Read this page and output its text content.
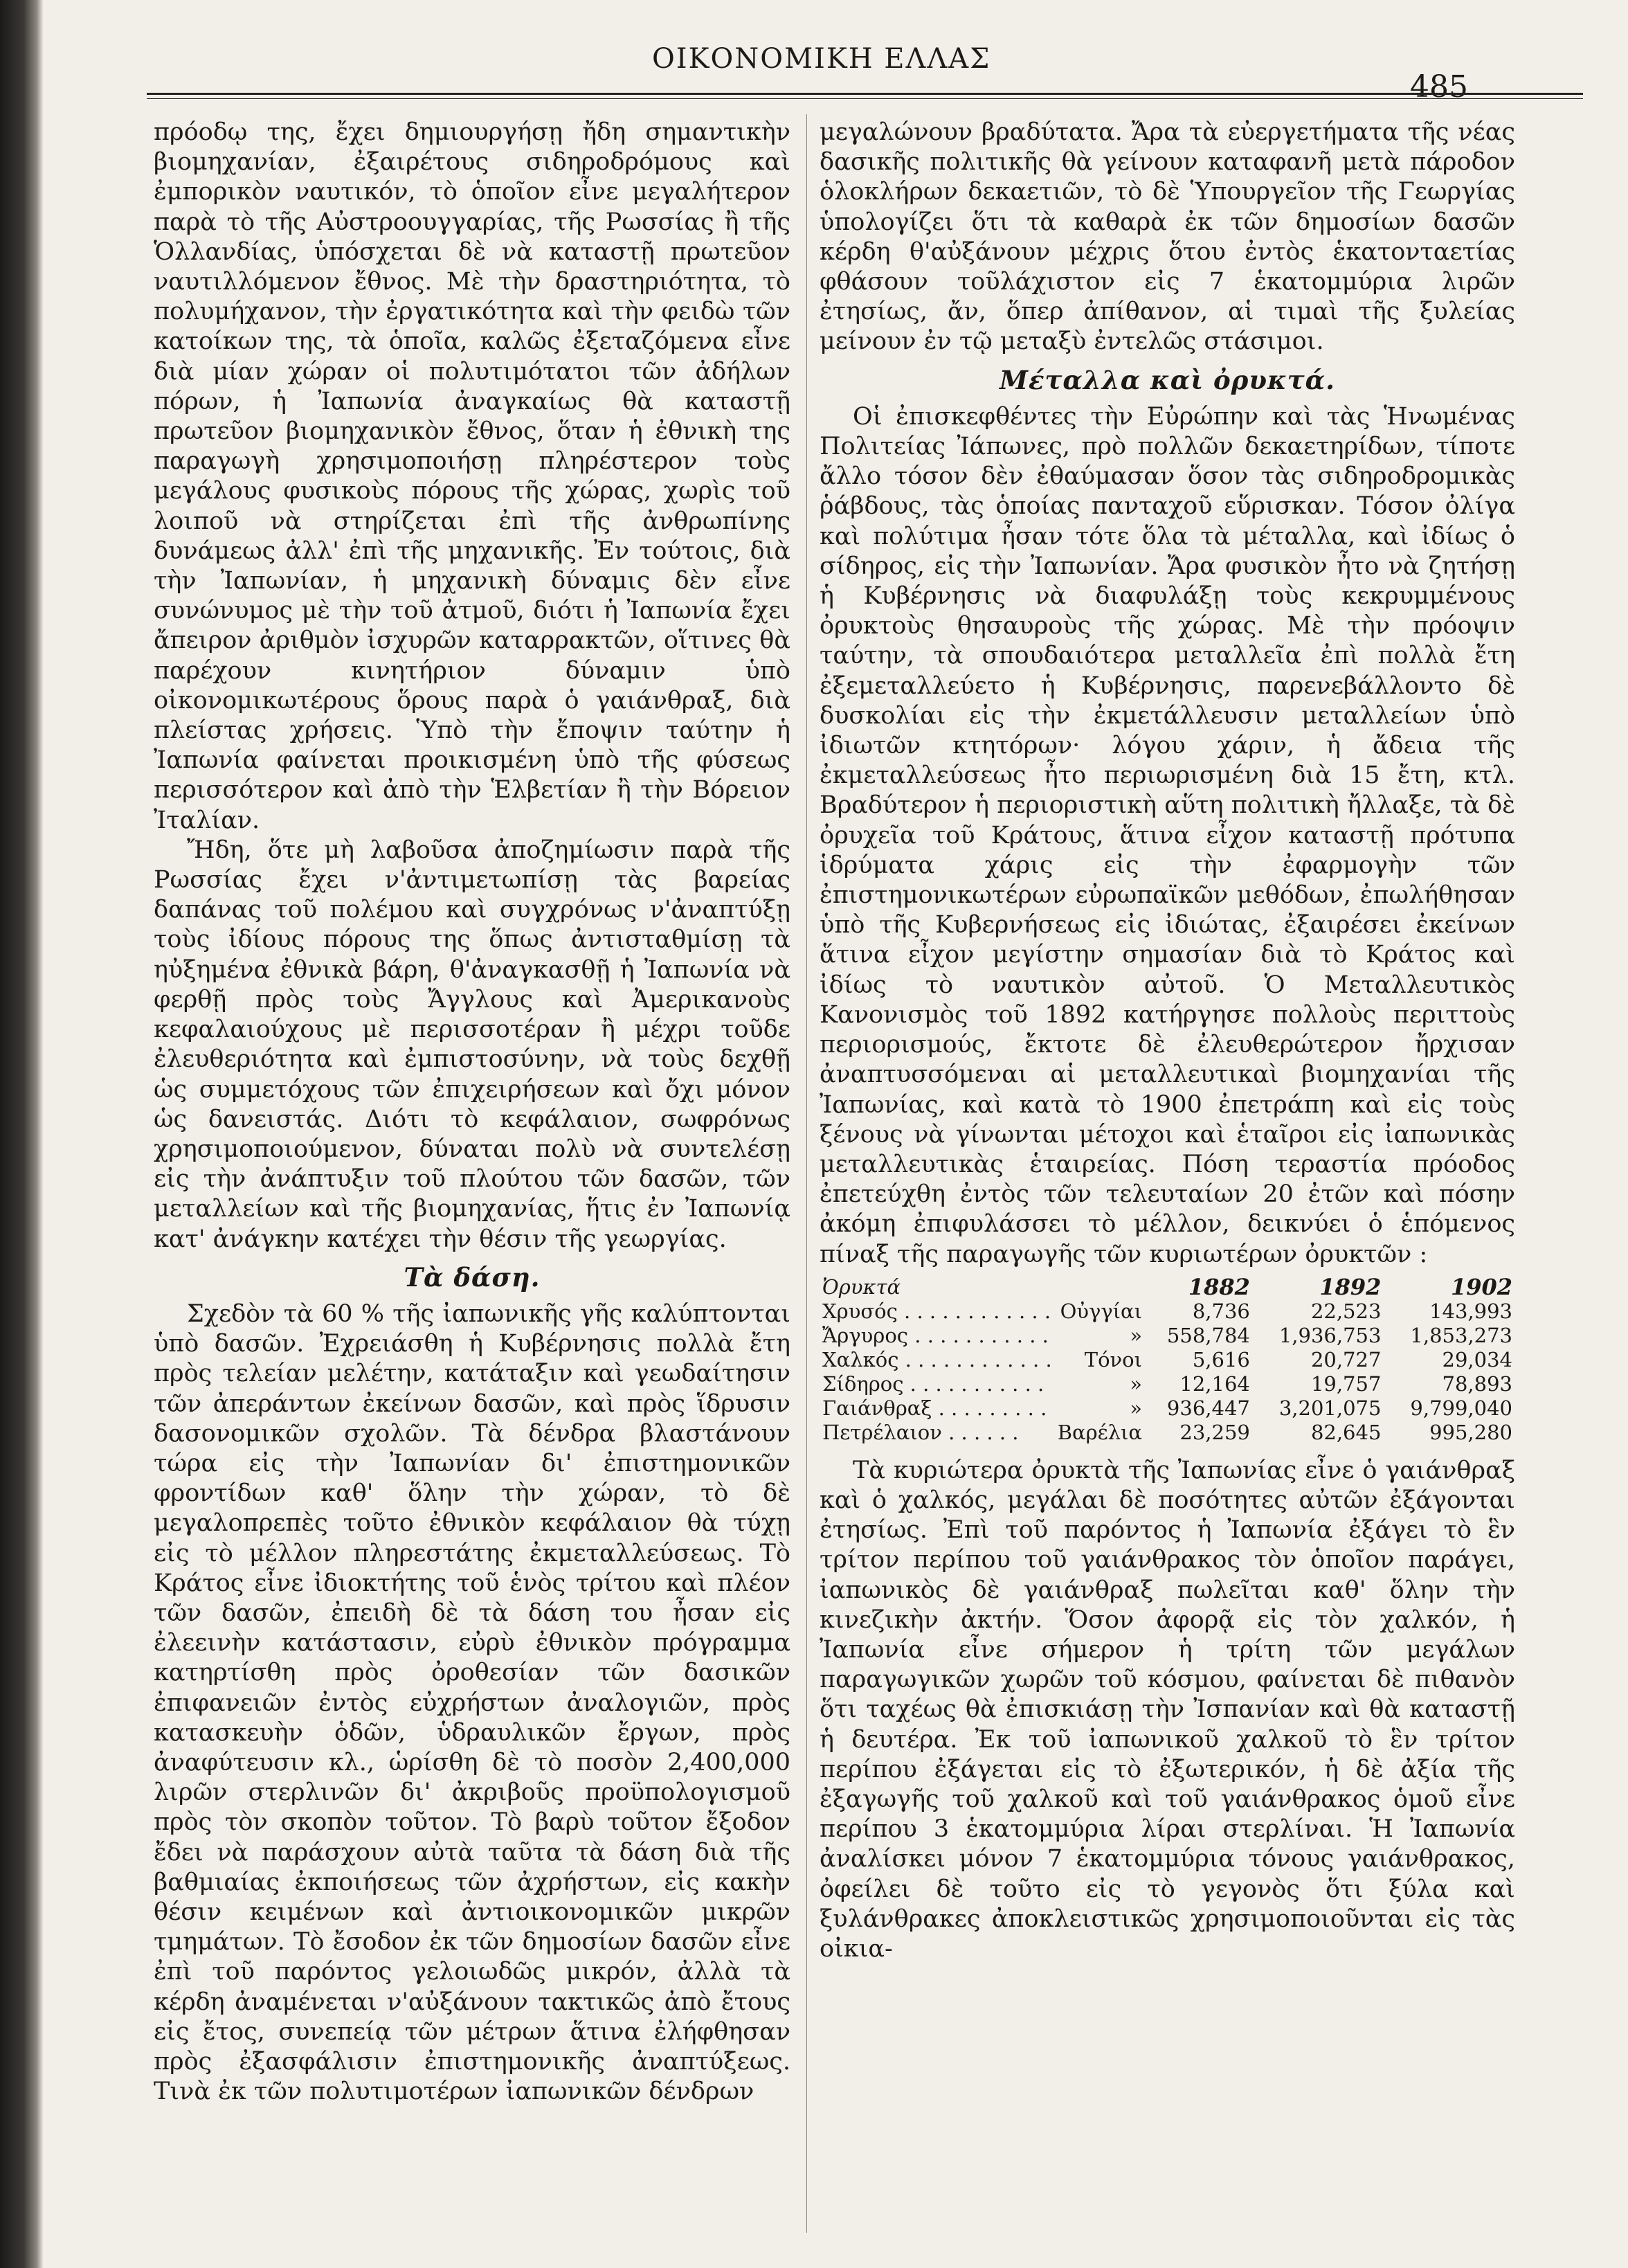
ΟΙΚΟΝΟΜΙΚΗ ΕΛΛΑΣ
485

πρόοδῳ της, ἔχει δημιουργήσῃ ἤδη σημαντικὴν βιομηχανίαν, ἐξαιρέτους σιδηροδρόμους καὶ ἐμπορικὸν ναυτικόν, τὸ ὁποῖον εἶνε μεγαλήτερον παρὰ τὸ τῆς Αὐστροουγγαρίας, τῆς Ρωσσίας ἢ τῆς Ὁλλανδίας, ὑπόσχεται δὲ νὰ καταστῇ πρωτεῦον ναυτιλλόμενον ἔθνος. Μὲ τὴν δραστηριότητα, τὸ πολυμήχανον, τὴν ἐργατικότητα καὶ τὴν φειδὼ τῶν κατοίκων της, τὰ ὁποῖα, καλῶς ἐξεταζόμενα εἶνε διὰ μίαν χώραν οἱ πολυτιμότατοι τῶν ἀδήλων πόρων, ἡ Ἰαπωνία ἀναγκαίως θὰ καταστῇ πρωτεῦον βιομηχανικὸν ἔθνος, ὅταν ἡ ἐθνικὴ της παραγωγὴ χρησιμοποιήσῃ πληρέστερον τοὺς μεγάλους φυσικοὺς πόρους τῆς χώρας, χωρὶς τοῦ λοιποῦ νὰ στηρίζεται ἐπὶ τῆς ἀνθρωπίνης δυνάμεως ἀλλ' ἐπὶ τῆς μηχανικῆς. Ἐν τούτοις, διὰ τὴν Ἰαπωνίαν, ἡ μηχανικὴ δύναμις δὲν εἶνε συνώνυμος μὲ τὴν τοῦ ἀτμοῦ, διότι ἡ Ἰαπωνία ἔχει ἄπειρον ἀριθμὸν ἰσχυρῶν καταρρακτῶν, οἵτινες θὰ παρέχουν κινητήριον δύναμιν ὑπὸ οἰκονομικωτέρους ὅρους παρὰ ὁ γαιάνθραξ, διὰ πλείστας χρήσεις. Ὑπὸ τὴν ἔποψιν ταύτην ἡ Ἰαπωνία φαίνεται προικισμένη ὑπὸ τῆς φύσεως περισσότερον καὶ ἀπὸ τὴν Ἑλβετίαν ἢ τὴν Βόρειον Ἰταλίαν.

Ἤδη, ὅτε μὴ λαβοῦσα ἀποζημίωσιν παρὰ τῆς Ρωσσίας ἔχει ν'ἀντιμετωπίσῃ τὰς βαρείας δαπάνας τοῦ πολέμου καὶ συγχρόνως ν'ἀναπτύξῃ τοὺς ἰδίους πόρους της ὅπως ἀντισταθμίσῃ τὰ ηὐξημένα ἐθνικὰ βάρη, θ'ἀναγκασθῇ ἡ Ἰαπωνία νὰ φερθῇ πρὸς τοὺς Ἄγγλους καὶ Ἀμερικανοὺς κεφαλαιούχους μὲ περισσοτέραν ἢ μέχρι τοῦδε ἐλευθεριότητα καὶ ἐμπιστοσύνην, νὰ τοὺς δεχθῇ ὡς συμμετόχους τῶν ἐπιχειρήσεων καὶ ὄχι μόνον ὡς δανειστάς. Διότι τὸ κεφάλαιον, σωφρόνως χρησιμοποιούμενον, δύναται πολὺ νὰ συντελέσῃ εἰς τὴν ἀνάπτυξιν τοῦ πλούτου τῶν δασῶν, τῶν μεταλλείων καὶ τῆς βιομηχανίας, ἥτις ἐν Ἰαπωνίᾳ κατ' ἀνάγκην κατέχει τὴν θέσιν τῆς γεωργίας.

Τὰ δάση.

Σχεδὸν τὰ 60 % τῆς ἰαπωνικῆς γῆς καλύπτονται ὑπὸ δασῶν. Ἐχρειάσθη ἡ Κυβέρνησις πολλὰ ἔτη πρὸς τελείαν μελέτην, κατάταξιν καὶ γεωδαίτησιν τῶν ἀπεράντων ἐκείνων δασῶν, καὶ πρὸς ἵδρυσιν δασονομικῶν σχολῶν. Τὰ δένδρα βλαστάνουν τώρα εἰς τὴν Ἰαπωνίαν δι' ἐπιστημονικῶν φροντίδων καθ' ὅλην τὴν χώραν, τὸ δὲ μεγαλοπρεπὲς τοῦτο ἐθνικὸν κεφάλαιον θὰ τύχῃ εἰς τὸ μέλλον πληρεστάτης ἐκμεταλλεύσεως. Τὸ Κράτος εἶνε ἰδιοκτήτης τοῦ ἑνὸς τρίτου καὶ πλέον τῶν δασῶν, ἐπειδὴ δὲ τὰ δάση του ἦσαν εἰς ἐλεεινὴν κατάστασιν, εὐρὺ ἐθνικὸν πρόγραμμα κατηρτίσθη πρὸς ὀροθεσίαν τῶν δασικῶν ἐπιφανειῶν ἐντὸς εὐχρήστων ἀναλογιῶν, πρὸς κατασκευὴν ὁδῶν, ὑδραυλικῶν ἔργων, πρὸς ἀναφύτευσιν κλ., ὡρίσθη δὲ τὸ ποσὸν 2,400,000 λιρῶν στερλινῶν δι' ἀκριβοῦς προϋπολογισμοῦ πρὸς τὸν σκοπὸν τοῦτον. Τὸ βαρὺ τοῦτον ἔξοδον ἔδει νὰ παράσχουν αὐτὰ ταῦτα τὰ δάση διὰ τῆς βαθμιαίας ἐκποιήσεως τῶν ἀχρήστων, εἰς κακὴν θέσιν κειμένων καὶ ἀντιοικονομικῶν μικρῶν τμημάτων. Τὸ ἔσοδον ἐκ τῶν δημοσίων δασῶν εἶνε ἐπὶ τοῦ παρόντος γελοιωδῶς μικρόν, ἀλλὰ τὰ κέρδη ἀναμένεται ν'αὐξάνουν τακτικῶς ἀπὸ ἔτους εἰς ἔτος, συνεπείᾳ τῶν μέτρων ἅτινα ἐλήφθησαν πρὸς ἐξασφάλισιν ἐπιστημονικῆς ἀναπτύξεως. Τινὰ ἐκ τῶν πολυτιμοτέρων ἰαπωνικῶν δένδρων

μεγαλώνουν βραδύτατα. Ἄρα τὰ εὐεργετήματα τῆς νέας δασικῆς πολιτικῆς θὰ γείνουν καταφανῆ μετὰ πάροδον ὁλοκλήρων δεκαετιῶν, τὸ δὲ Ὑπουργεῖον τῆς Γεωργίας ὑπολογίζει ὅτι τὰ καθαρὰ ἐκ τῶν δημοσίων δασῶν κέρδη θ'αὐξάνουν μέχρις ὅτου ἐντὸς ἑκατονταετίας φθάσουν τοῦλάχιστον εἰς 7 ἑκατομμύρια λιρῶν ἐτησίως, ἄν, ὅπερ ἀπίθανον, αἱ τιμαὶ τῆς ξυλείας μείνουν ἐν τῷ μεταξὺ ἐντελῶς στάσιμοι.

Μέταλλα καὶ ὀρυκτά.

Οἱ ἐπισκεφθέντες τὴν Εὐρώπην καὶ τὰς Ἡνωμένας Πολιτείας Ἰάπωνες, πρὸ πολλῶν δεκαετηρίδων, τίποτε ἄλλο τόσον δὲν ἐθαύμασαν ὅσον τὰς σιδηροδρομικὰς ῥάβδους, τὰς ὁποίας πανταχοῦ εὕρισκαν. Τόσον ὀλίγα καὶ πολύτιμα ἦσαν τότε ὅλα τὰ μέταλλα, καὶ ἰδίως ὁ σίδηρος, εἰς τὴν Ἰαπωνίαν. Ἄρα φυσικὸν ἦτο νὰ ζητήσῃ ἡ Κυβέρνησις νὰ διαφυλάξῃ τοὺς κεκρυμμένους ὀρυκτοὺς θησαυροὺς τῆς χώρας. Μὲ τὴν πρόοψιν ταύτην, τὰ σπουδαιότερα μεταλλεῖα ἐπὶ πολλὰ ἔτη ἐξεμεταλλεύετο ἡ Κυβέρνησις, παρενεβάλλοντο δὲ δυσκολίαι εἰς τὴν ἐκμετάλλευσιν μεταλλείων ὑπὸ ἰδιωτῶν κτητόρων· λόγου χάριν, ἡ ἄδεια τῆς ἐκμεταλλεύσεως ἦτο περιωρισμένη διὰ 15 ἔτη, κτλ. Βραδύτερον ἡ περιοριστικὴ αὕτη πολιτικὴ ἤλλαξε, τὰ δὲ ὀρυχεῖα τοῦ Κράτους, ἅτινα εἶχον καταστῇ πρότυπα ἱδρύματα χάρις εἰς τὴν ἐφαρμογὴν τῶν ἐπιστημονικωτέρων εὐρωπαϊκῶν μεθόδων, ἐπωλήθησαν ὑπὸ τῆς Κυβερνήσεως εἰς ἰδιώτας, ἐξαιρέσει ἐκείνων ἅτινα εἶχον μεγίστην σημασίαν διὰ τὸ Κράτος καὶ ἰδίως τὸ ναυτικὸν αὐτοῦ. Ὁ Μεταλλευτικὸς Κανονισμὸς τοῦ 1892 κατήργησε πολλοὺς περιττοὺς περιορισμούς, ἔκτοτε δὲ ἐλευθερώτερον ἤρχισαν ἀναπτυσσόμεναι αἱ μεταλλευτικαὶ βιομηχανίαι τῆς Ἰαπωνίας, καὶ κατὰ τὸ 1900 ἐπετράπη καὶ εἰς τοὺς ξένους νὰ γίνωνται μέτοχοι καὶ ἑταῖροι εἰς ἰαπωνικὰς μεταλλευτικὰς ἑταιρείας. Πόση τεραστία πρόοδος ἐπετεύχθη ἐντὸς τῶν τελευταίων 20 ἐτῶν καὶ πόσην ἀκόμη ἐπιφυλάσσει τὸ μέλλον, δεικνύει ὁ ἑπόμενος πίναξ τῆς παραγωγῆς τῶν κυριωτέρων ὀρυκτῶν :

Ὀρυκτά		1882	1892	1902
Χρυσός . . . . . . . . . . . .	Οὐγγίαι	8,736	22,523	143,993
Ἄργυρος . . . . . . . . . . .	»	558,784	1,936,753	1,853,273
Χαλκός . . . . . . . . . . . .	Τόνοι	5,616	20,727	29,034
Σίδηρος . . . . . . . . . . .	»	12,164	19,757	78,893
Γαιάνθραξ . . . . . . . . .	»	936,447	3,201,075	9,799,040
Πετρέλαιον . . . . . .	Βαρέλια	23,259	82,645	995,280

Τὰ κυριώτερα ὀρυκτὰ τῆς Ἰαπωνίας εἶνε ὁ γαιάνθραξ καὶ ὁ χαλκός, μεγάλαι δὲ ποσότητες αὐτῶν ἐξάγονται ἐτησίως. Ἐπὶ τοῦ παρόντος ἡ Ἰαπωνία ἐξάγει τὸ ἓν τρίτον περίπου τοῦ γαιάνθρακος τὸν ὁποῖον παράγει, ἰαπωνικὸς δὲ γαιάνθραξ πωλεῖται καθ' ὅλην τὴν κινεζικὴν ἀκτήν. Ὅσον ἀφορᾷ εἰς τὸν χαλκόν, ἡ Ἰαπωνία εἶνε σήμερον ἡ τρίτη τῶν μεγάλων παραγωγικῶν χωρῶν τοῦ κόσμου, φαίνεται δὲ πιθανὸν ὅτι ταχέως θὰ ἐπισκιάσῃ τὴν Ἰσπανίαν καὶ θὰ καταστῇ ἡ δευτέρα. Ἐκ τοῦ ἰαπωνικοῦ χαλκοῦ τὸ ἓν τρίτον περίπου ἐξάγεται εἰς τὸ ἐξωτερικόν, ἡ δὲ ἀξία τῆς ἐξαγωγῆς τοῦ χαλκοῦ καὶ τοῦ γαιάνθρακος ὁμοῦ εἶνε περίπου 3 ἑκατομμύρια λίραι στερλίναι. Ἡ Ἰαπωνία ἀναλίσκει μόνον 7 ἑκατομμύρια τόνους γαιάνθρακος, ὀφείλει δὲ τοῦτο εἰς τὸ γεγονὸς ὅτι ξύλα καὶ ξυλάνθρακες ἀποκλειστικῶς χρησιμοποιοῦνται εἰς τὰς οἰκια-
